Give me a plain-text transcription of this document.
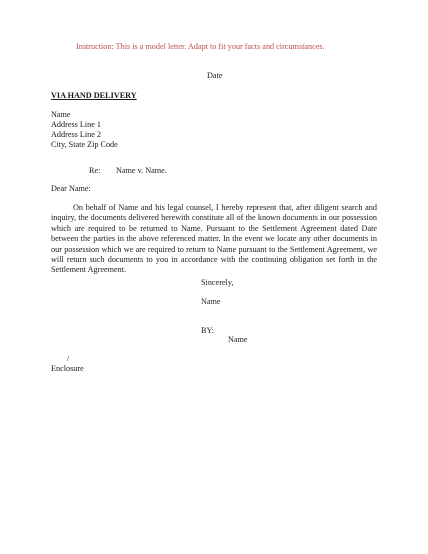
Instruction: This is a model letter. Adapt to fit your facts and circumstances.
Date
VIA HAND DELIVERY
Name
Address Line 1
Address Line 2
City, State Zip Code
Re: Name v. Name.
Dear Name:
On behalf of Name and his legal counsel, I hereby represent that, after diligent search and inquiry, the documents delivered herewith constitute all of the known documents in our possession which are required to be returned to Name. Pursuant to the Settlement Agreement dated Date between the parties in the above referenced matter. In the event we locate any other documents in our possession which we are required to return to Name pursuant to the Settlement Agreement, we will return such documents to you in accordance with the continuing obligation set forth in the Settlement Agreement.
Sincerely,
Name
BY:
Name
/
Enclosure
